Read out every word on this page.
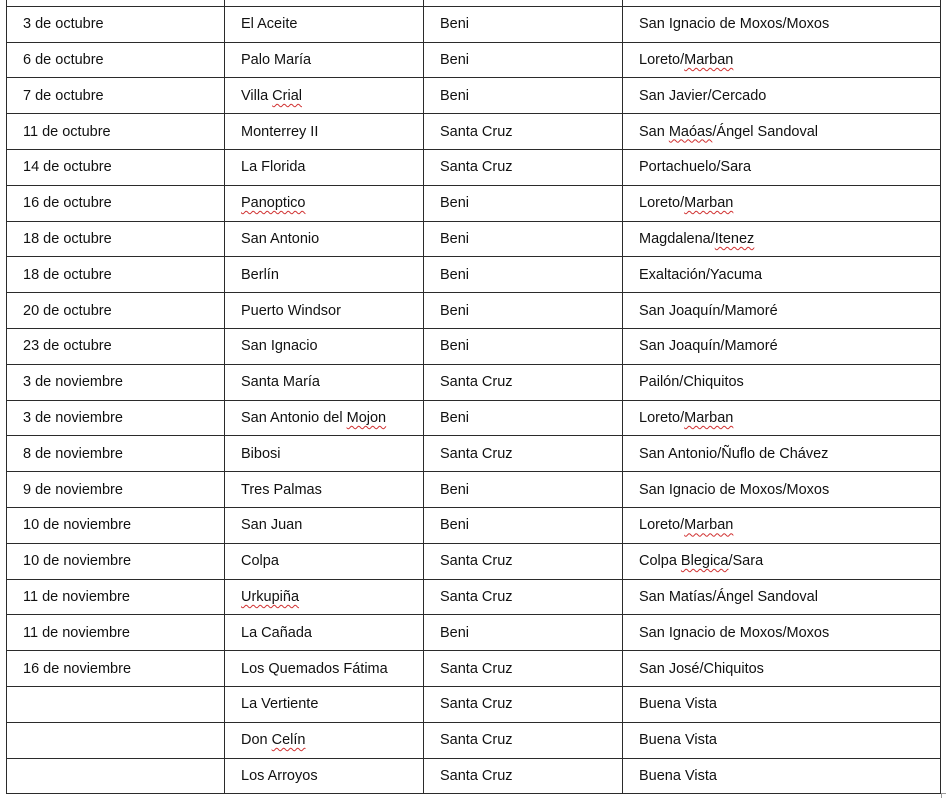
3 de octubre	El Aceite	Beni	San Ignacio de Moxos/Moxos
6 de octubre	Palo María	Beni	Loreto/Marban
7 de octubre	Villa Crial	Beni	San Javier/Cercado
11 de octubre	Monterrey II	Santa Cruz	San Maóas/Ángel Sandoval
14 de octubre	La Florida	Santa Cruz	Portachuelo/Sara
16 de octubre	Panoptico	Beni	Loreto/Marban
18 de octubre	San Antonio	Beni	Magdalena/Itenez
18 de octubre	Berlín	Beni	Exaltación/Yacuma
20 de octubre	Puerto Windsor	Beni	San Joaquín/Mamoré
23 de octubre	San Ignacio	Beni	San Joaquín/Mamoré
3 de noviembre	Santa María	Santa Cruz	Pailón/Chiquitos
3 de noviembre	San Antonio del Mojon	Beni	Loreto/Marban
8 de noviembre	Bibosi	Santa Cruz	San Antonio/Ñuflo de Chávez
9 de noviembre	Tres Palmas	Beni	San Ignacio de Moxos/Moxos
10 de noviembre	San Juan	Beni	Loreto/Marban
10 de noviembre	Colpa	Santa Cruz	Colpa Blegica/Sara
11 de noviembre	Urkupiña	Santa Cruz	San Matías/Ángel Sandoval
11 de noviembre	La Cañada	Beni	San Ignacio de Moxos/Moxos
16 de noviembre	Los Quemados Fátima	Santa Cruz	San José/Chiquitos
	La Vertiente	Santa Cruz	Buena Vista
	Don Celín	Santa Cruz	Buena Vista
	Los Arroyos	Santa Cruz	Buena Vista
